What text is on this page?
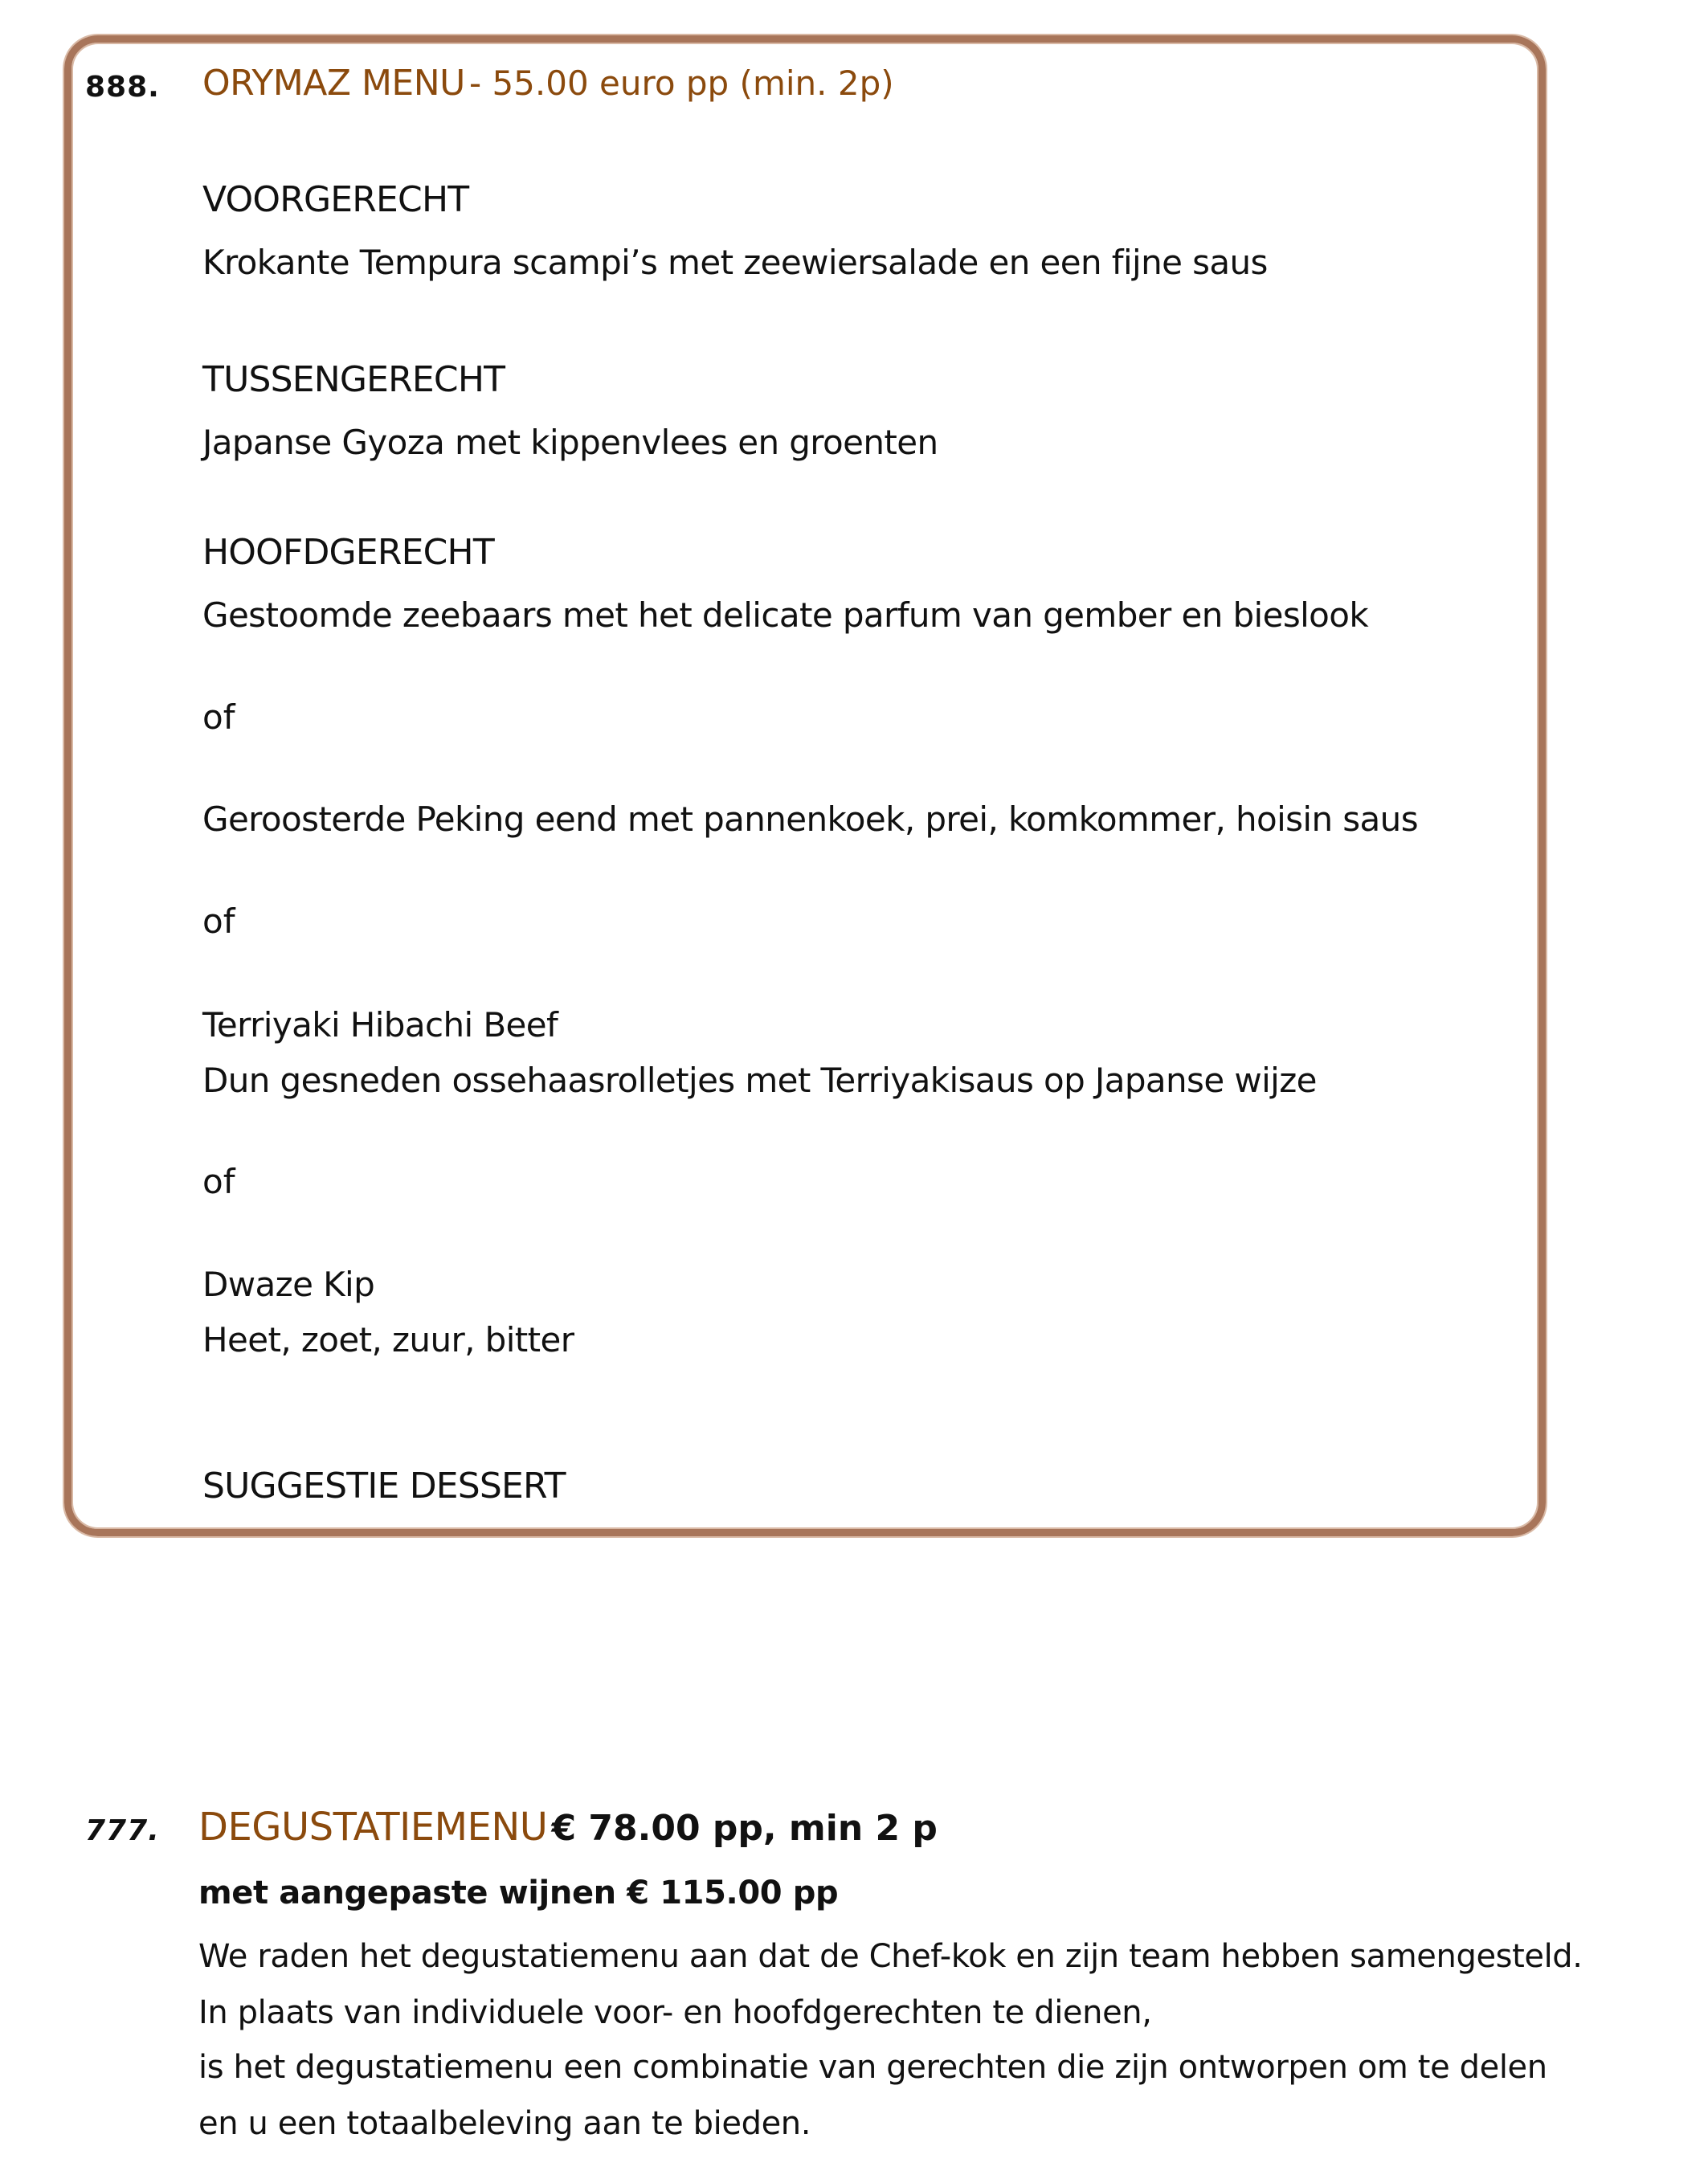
888. ORYMAZ MENU - 55.00 euro pp (min. 2p)
VOORGERECHT
Krokante Tempura scampi’s met zeewiersalade en een fijne saus
TUSSENGERECHT
Japanse Gyoza met kippenvlees en groenten
HOOFDGERECHT
Gestoomde zeebaars met het delicate parfum van gember en bieslook
of
Geroosterde Peking eend met pannenkoek, prei, komkommer, hoisin saus
of
Terriyaki Hibachi Beef
Dun gesneden ossehaasrolletjes met Terriyakisaus op Japanse wijze
of
Dwaze Kip
Heet, zoet, zuur, bitter
SUGGESTIE DESSERT
777. DEGUSTATIEMENU € 78.00 pp, min 2 p
met aangepaste wijnen € 115.00 pp
We raden het degustatiemenu aan dat de Chef-kok en zijn team hebben samengesteld.
In plaats van individuele voor- en hoofdgerechten te dienen,
is het degustatiemenu een combinatie van gerechten die zijn ontworpen om te delen
en u een totaalbeleving aan te bieden.
